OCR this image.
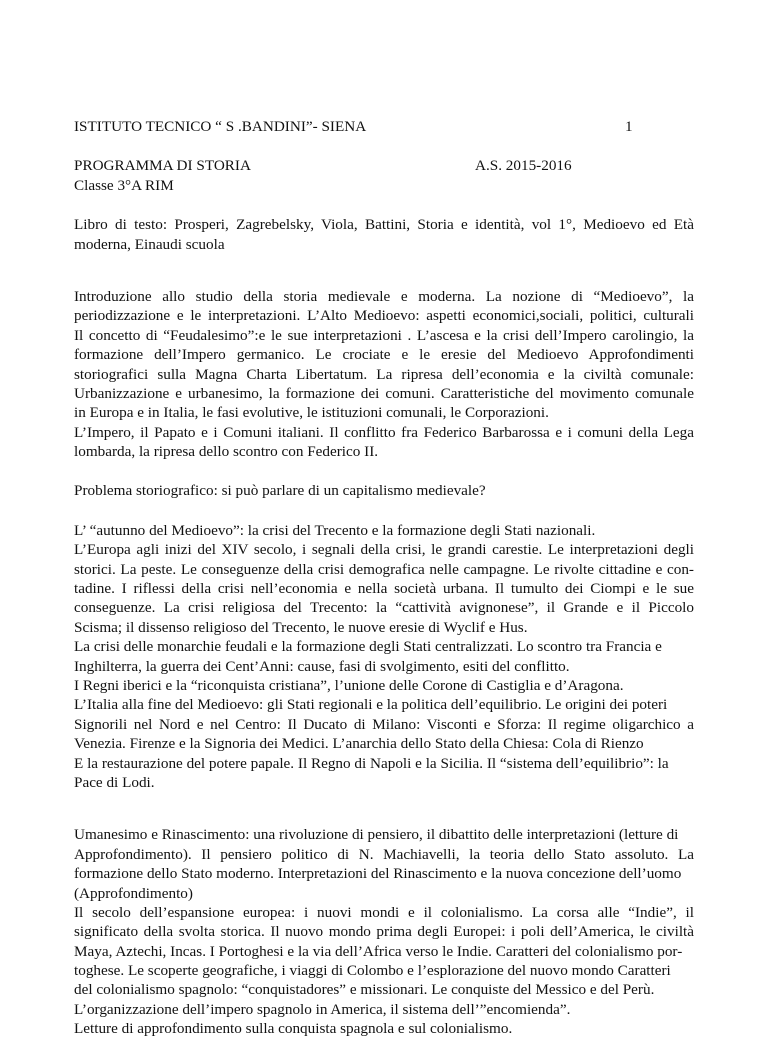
ISTITUTO TECNICO “ S .BANDINI”- SIENA	1
PROGRAMMA DI STORIA	A.S. 2015-2016
Classe 3°A RIM
Libro di testo: Prosperi, Zagrebelsky, Viola, Battini, Storia e identità, vol 1°, Medioevo ed Età
moderna, Einaudi scuola
Introduzione allo studio della storia medievale e moderna. La nozione di “Medioevo”, la
periodizzazione e le interpretazioni. L’Alto Medioevo: aspetti economici,sociali, politici, culturali
Il concetto di “Feudalesimo”:e le sue interpretazioni . L’ascesa e la crisi dell’Impero carolingio, la
formazione dell’Impero germanico. Le crociate e le eresie del Medioevo Approfondimenti
storiografici sulla Magna Charta Libertatum. La ripresa dell’economia e la civiltà comunale:
Urbanizzazione e urbanesimo, la formazione dei comuni. Caratteristiche del movimento comunale
in Europa e in Italia, le fasi evolutive, le istituzioni comunali, le Corporazioni.
L’Impero, il Papato e i Comuni italiani. Il conflitto fra Federico Barbarossa e i comuni della Lega
lombarda, la ripresa dello scontro con Federico II.
Problema storiografico: si può parlare di un capitalismo medievale?
L’ “autunno del Medioevo”: la crisi del Trecento e la formazione degli Stati nazionali.
L’Europa agli inizi del XIV secolo, i segnali della crisi, le grandi carestie. Le interpretazioni degli
storici. La peste. Le conseguenze della crisi demografica nelle campagne. Le rivolte cittadine e con-
tadine. I riflessi della crisi nell’economia e nella società urbana. Il tumulto dei Ciompi e le sue
conseguenze. La crisi religiosa del Trecento: la “cattività avignonese”, il Grande e il Piccolo
Scisma; il dissenso religioso del Trecento, le nuove eresie di Wyclif e Hus.
La crisi delle monarchie feudali e la formazione degli Stati centralizzati. Lo scontro tra Francia e
Inghilterra, la guerra dei Cent’Anni: cause, fasi di svolgimento, esiti del conflitto.
I Regni iberici e la “riconquista cristiana”, l’unione delle Corone di Castiglia e d’Aragona.
L’Italia alla fine del Medioevo: gli Stati regionali e la politica dell’equilibrio. Le origini dei poteri
Signorili nel Nord e nel Centro: Il Ducato di Milano: Visconti e Sforza: Il regime oligarchico a
Venezia. Firenze e la Signoria dei Medici. L’anarchia dello Stato della Chiesa: Cola di Rienzo
E la restaurazione del potere papale. Il Regno di Napoli e la Sicilia. Il “sistema dell’equilibrio”: la
Pace di Lodi.
Umanesimo e Rinascimento: una rivoluzione di pensiero, il dibattito delle interpretazioni (letture di
Approfondimento). Il pensiero politico di N. Machiavelli, la teoria dello Stato assoluto. La
formazione dello Stato moderno. Interpretazioni del Rinascimento e la nuova concezione dell’uomo
(Approfondimento)
Il secolo dell’espansione europea: i nuovi mondi e il colonialismo. La corsa alle “Indie”, il
significato della svolta storica. Il nuovo mondo prima degli Europei: i poli dell’America, le civiltà
Maya, Aztechi, Incas. I Portoghesi e la via dell’Africa verso le Indie. Caratteri del colonialismo por-
toghese. Le scoperte geografiche, i viaggi di Colombo e l’esplorazione del nuovo mondo Caratteri
del colonialismo spagnolo: “conquistadores” e missionari. Le conquiste del Messico e del Perù.
L’organizzazione dell’impero spagnolo in America, il sistema dell’”encomienda”.
Letture di approfondimento sulla conquista spagnola e sul colonialismo.
